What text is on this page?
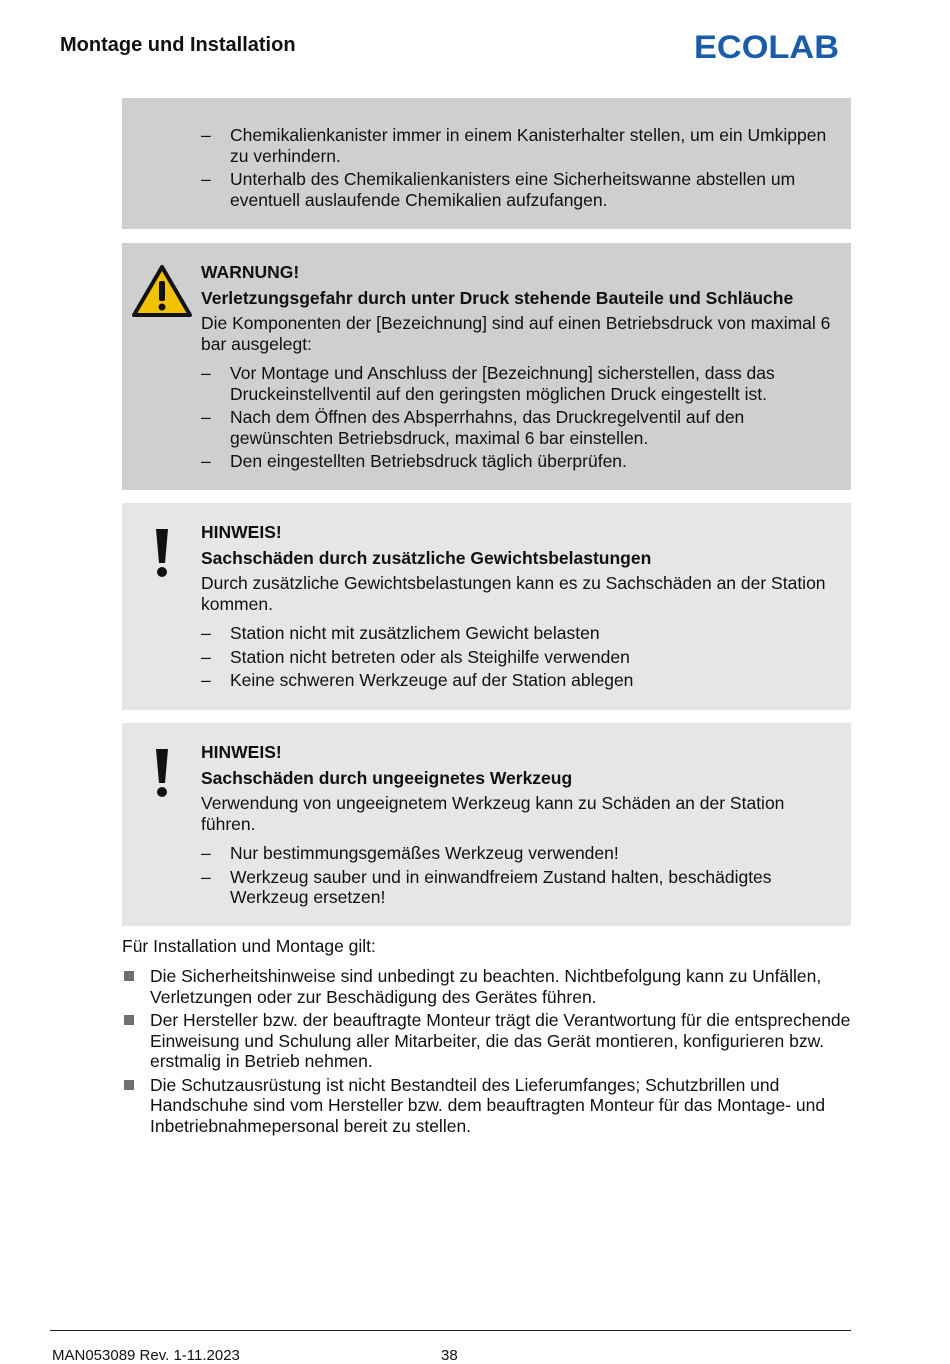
Montage und Installation	ECOLAB
– Chemikalienkanister immer in einem Kanisterhalter stellen, um ein Umkippen zu verhindern.
– Unterhalb des Chemikalienkanisters eine Sicherheitswanne abstellen um eventuell auslaufende Chemikalien aufzufangen.

WARNUNG!

Verletzungsgefahr durch unter Druck stehende Bauteile und Schläuche

Die Komponenten der [Bezeichnung] sind auf einen Betriebsdruck von maximal 6 bar ausgelegt:

– Vor Montage und Anschluss der [Bezeichnung] sicherstellen, dass das Druckeinstellventil auf den geringsten möglichen Druck eingestellt ist.
– Nach dem Öffnen des Absperrhahns, das Druckregelventil auf den gewünschten Betriebsdruck, maximal 6 bar einstellen.
– Den eingestellten Betriebsdruck täglich überprüfen.

HINWEIS!

Sachschäden durch zusätzliche Gewichtsbelastungen

Durch zusätzliche Gewichtsbelastungen kann es zu Sachschäden an der Station kommen.

– Station nicht mit zusätzlichem Gewicht belasten
– Station nicht betreten oder als Steighilfe verwenden
– Keine schweren Werkzeuge auf der Station ablegen

HINWEIS!

Sachschäden durch ungeeignetes Werkzeug

Verwendung von ungeeignetem Werkzeug kann zu Schäden an der Station führen.

– Nur bestimmungsgemäßes Werkzeug verwenden!
– Werkzeug sauber und in einwandfreiem Zustand halten, beschädigtes Werkzeug ersetzen!
Für Installation und Montage gilt:
Die Sicherheitshinweise sind unbedingt zu beachten. Nichtbefolgung kann zu Unfällen, Verletzungen oder zur Beschädigung des Gerätes führen.
Der Hersteller bzw. der beauftragte Monteur trägt die Verantwortung für die entsprechende Einweisung und Schulung aller Mitarbeiter, die das Gerät montieren, konfigurieren bzw. erstmalig in Betrieb nehmen.
Die Schutzausrüstung ist nicht Bestandteil des Lieferumfanges; Schutzbrillen und Handschuhe sind vom Hersteller bzw. dem beauftragten Monteur für das Montage- und Inbetriebnahmepersonal bereit zu stellen.
MAN053089 Rev. 1-11.2023	38
